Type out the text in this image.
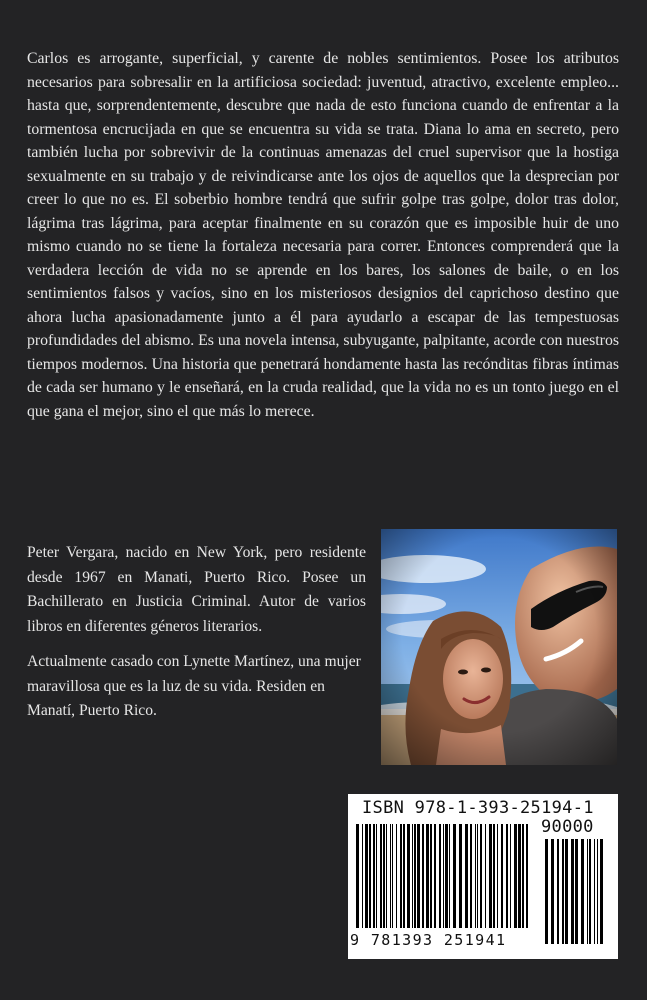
Carlos es arrogante, superficial, y carente de nobles sentimientos. Posee los atributos necesarios para sobresalir en la artificiosa sociedad: juventud, atractivo, excelente empleo... hasta que, sorprendentemente, descubre que nada de esto funciona cuando de enfrentar a la tormentosa encrucijada en que se encuentra su vida se trata. Diana lo ama en secreto, pero también lucha por sobrevivir de la continuas amenazas del cruel supervisor que la hostiga sexualmente en su trabajo y de reivindicarse ante los ojos de aquellos que la desprecian por creer lo que no es. El soberbio hombre tendrá que sufrir golpe tras golpe, dolor tras dolor, lágrima tras lágrima, para aceptar finalmente en su corazón que es imposible huir de uno mismo cuando no se tiene la fortaleza necesaria para correr. Entonces comprenderá que la verdadera lección de vida no se aprende en los bares, los salones de baile, o en los sentimientos falsos y vacíos, sino en los misteriosos designios del caprichoso destino que ahora lucha apasionadamente junto a él para ayudarlo a escapar de las tempestuosas profundidades del abismo. Es una novela intensa, subyugante, palpitante, acorde con nuestros tiempos modernos. Una historia que penetrará hondamente hasta las recónditas fibras íntimas de cada ser humano y le enseñará, en la cruda realidad, que la vida no es un tonto juego en el que gana el mejor, sino el que más lo merece.

Peter Vergara, nacido en New York, pero residente desde 1967 en Manati, Puerto Rico. Posee un Bachillerato en Justicia Criminal. Autor de varios libros en diferentes géneros literarios.

Actualmente casado con Lynette Martínez, una mujer maravillosa que es la luz de su vida. Residen en Manatí, Puerto Rico.

ISBN 978-1-393-25194-1
90000
9 781393 251941
